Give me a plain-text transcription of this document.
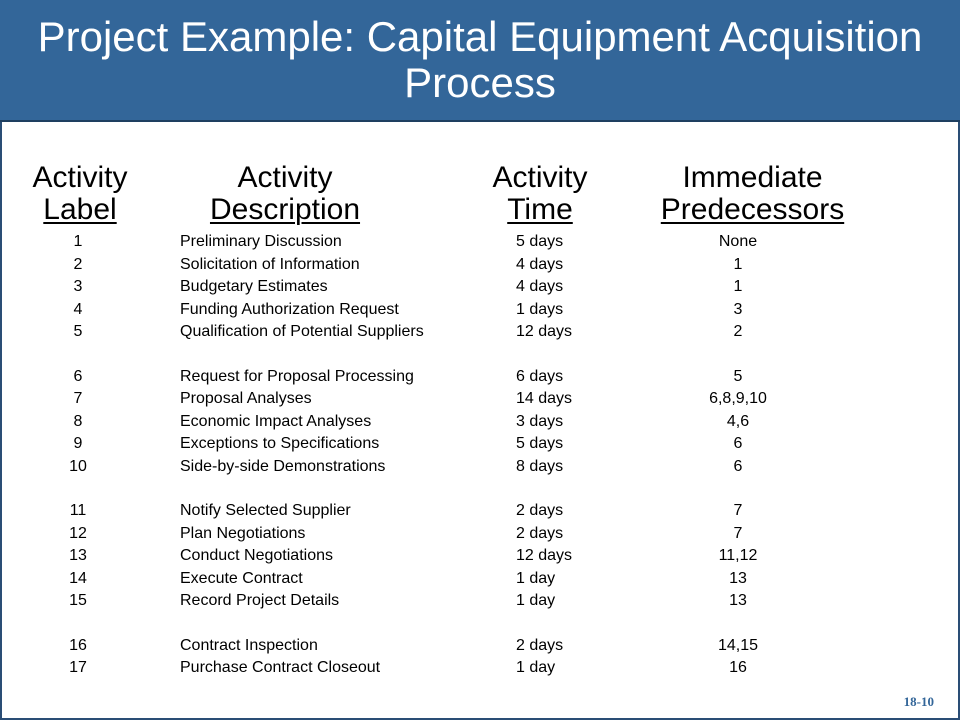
Project Example: Capital Equipment Acquisition Process
Activity
Label
Activity
Description
Activity
Time
Immediate
Predecessors
1	Preliminary Discussion	5 days	None
2	Solicitation of Information	4 days	1
3	Budgetary Estimates	4 days	1
4	Funding Authorization Request	1 days	3
5	Qualification of Potential Suppliers	12 days	2
6	Request for Proposal Processing	6 days	5
7	Proposal Analyses	14 days	6,8,9,10
8	Economic Impact Analyses	3 days	4,6
9	Exceptions to Specifications	5 days	6
10	Side-by-side Demonstrations	8 days	6
11	Notify Selected Supplier	2 days	7
12	Plan Negotiations	2 days	7
13	Conduct Negotiations	12 days	11,12
14	Execute Contract	1 day	13
15	Record Project Details	1 day	13
16	Contract Inspection	2 days	14,15
17	Purchase Contract Closeout	1 day	16
18-10
